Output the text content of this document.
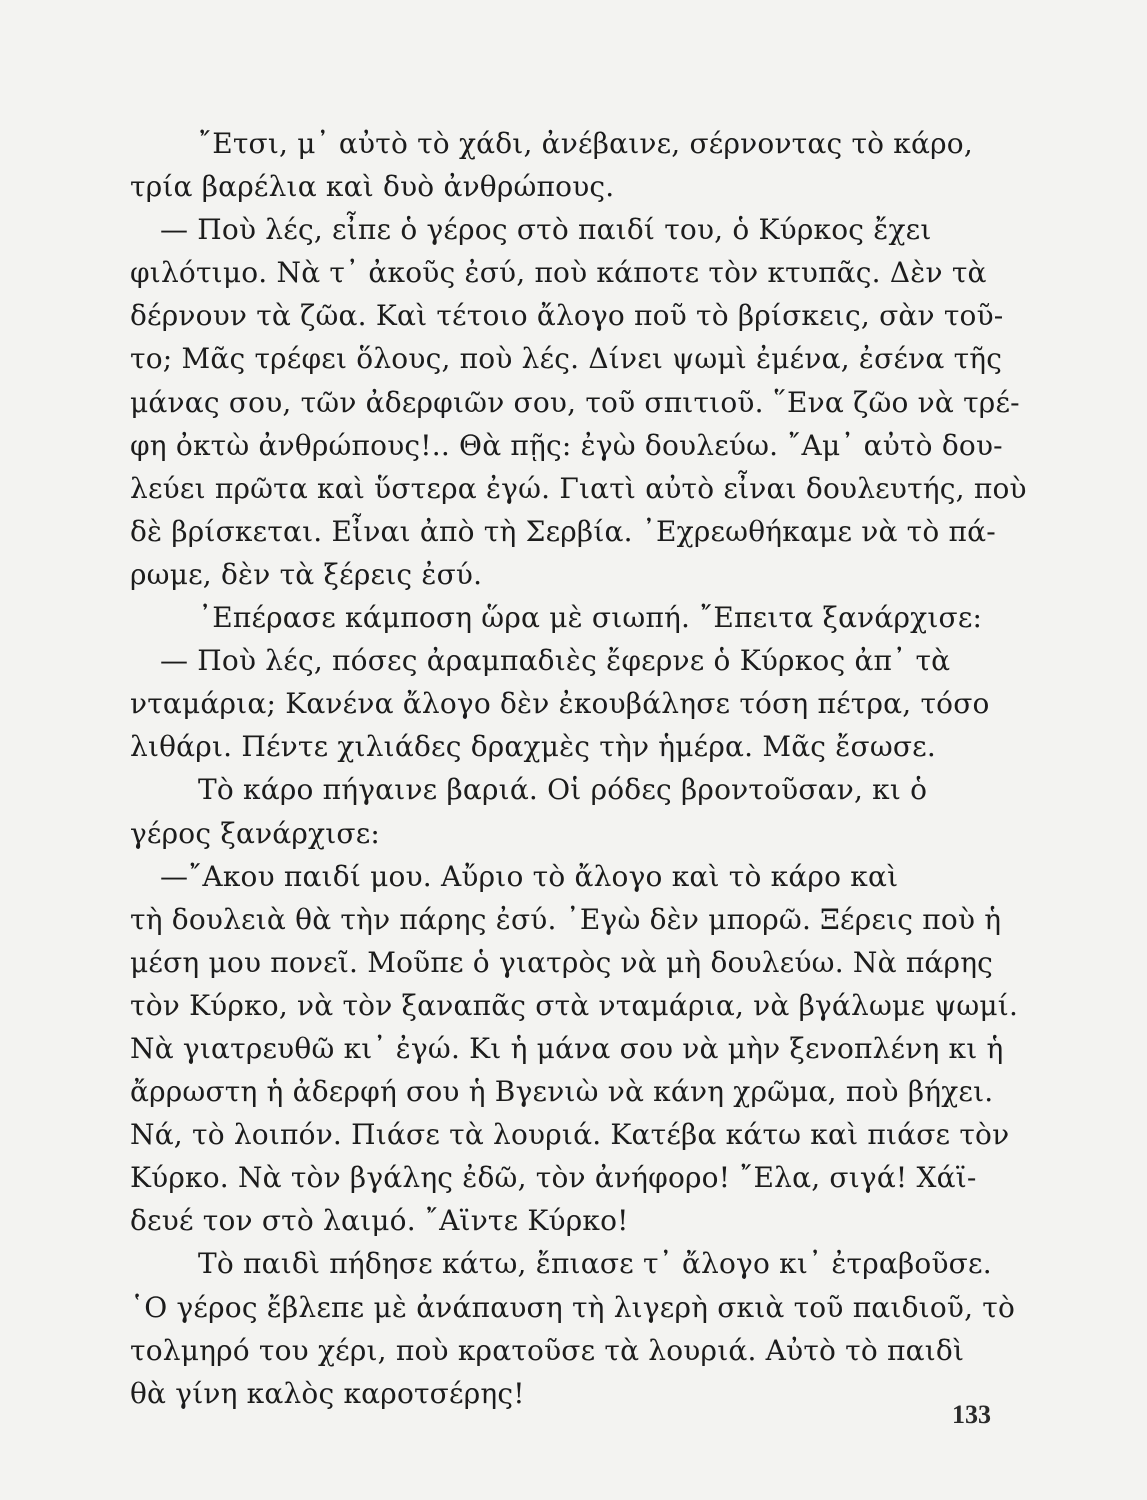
῎Ετσι, μ᾿ αὐτὸ τὸ χάδι, ἀνέβαινε, σέρνοντας τὸ κάρο,
τρία βαρέλια καὶ δυὸ ἀνθρώπους.
— Ποὺ λές, εἶπε ὁ γέρος στὸ παιδί του, ὁ Κύρκος ἔχει
φιλότιμο. Νὰ τ᾿ ἀκοῦς ἐσύ, ποὺ κάποτε τὸν κτυπᾶς. Δὲν τὰ
δέρνουν τὰ ζῶα. Καὶ τέτοιο ἄλογο ποῦ τὸ βρίσκεις, σὰν τοῦ-
το; Μᾶς τρέφει ὅλους, ποὺ λές. Δίνει ψωμὶ ἐμένα, ἐσένα τῆς
μάνας σου, τῶν ἀδερφιῶν σου, τοῦ σπιτιοῦ. ῞Ενα ζῶο νὰ τρέ-
φη ὀκτὼ ἀνθρώπους!.. Θὰ πῇς: ἐγὼ δουλεύω. ῎Αμ᾿ αὐτὸ δου-
λεύει πρῶτα καὶ ὕστερα ἐγώ. Γιατὶ αὐτὸ εἶναι δουλευτής, ποὺ
δὲ βρίσκεται. Εἶναι ἀπὸ τὴ Σερβία. ᾿Εχρεωθήκαμε νὰ τὸ πά-
ρωμε, δὲν τὰ ξέρεις ἐσύ.
᾿Επέρασε κάμποση ὥρα μὲ σιωπή. ῎Επειτα ξανάρχισε:
— Ποὺ λές, πόσες ἀραμπαδιὲς ἔφερνε ὁ Κύρκος ἀπ᾿ τὰ
νταμάρια; Κανένα ἄλογο δὲν ἐκουβάλησε τόση πέτρα, τόσο
λιθάρι. Πέντε χιλιάδες δραχμὲς τὴν ἡμέρα. Μᾶς ἔσωσε.
Τὸ κάρο πήγαινε βαριά. Οἱ ρόδες βροντοῦσαν, κι ὁ
γέρος ξανάρχισε:
—῎Ακου παιδί μου. Αὔριο τὸ ἄλογο καὶ τὸ κάρο καὶ
τὴ δουλειὰ θὰ τὴν πάρης ἐσύ. ᾿Εγὼ δὲν μπορῶ. Ξέρεις ποὺ ἡ
μέση μου πονεῖ. Μοῦπε ὁ γιατρὸς νὰ μὴ δουλεύω. Νὰ πάρης
τὸν Κύρκο, νὰ τὸν ξαναπᾶς στὰ νταμάρια, νὰ βγάλωμε ψωμί.
Νὰ γιατρευθῶ κι᾿ ἐγώ. Κι ἡ μάνα σου νὰ μὴν ξενοπλένη κι ἡ
ἄρρωστη ἡ ἀδερφή σου ἡ Βγενιὼ νὰ κάνη χρῶμα, ποὺ βήχει.
Νά, τὸ λοιπόν. Πιάσε τὰ λουριά. Κατέβα κάτω καὶ πιάσε τὸν
Κύρκο. Νὰ τὸν βγάλης ἐδῶ, τὸν ἀνήφορο! ῎Ελα, σιγά! Χάϊ-
δευέ τον στὸ λαιμό. ῎Αϊντε Κύρκο!
Τὸ παιδὶ πήδησε κάτω, ἔπιασε τ᾿ ἄλογο κι᾿ ἐτραβοῦσε.
῾Ο γέρος ἔβλεπε μὲ ἀνάπαυση τὴ λιγερὴ σκιὰ τοῦ παιδιοῦ, τὸ
τολμηρό του χέρι, ποὺ κρατοῦσε τὰ λουριά. Αὐτὸ τὸ παιδὶ
θὰ γίνη καλὸς καροτσέρης!
133
